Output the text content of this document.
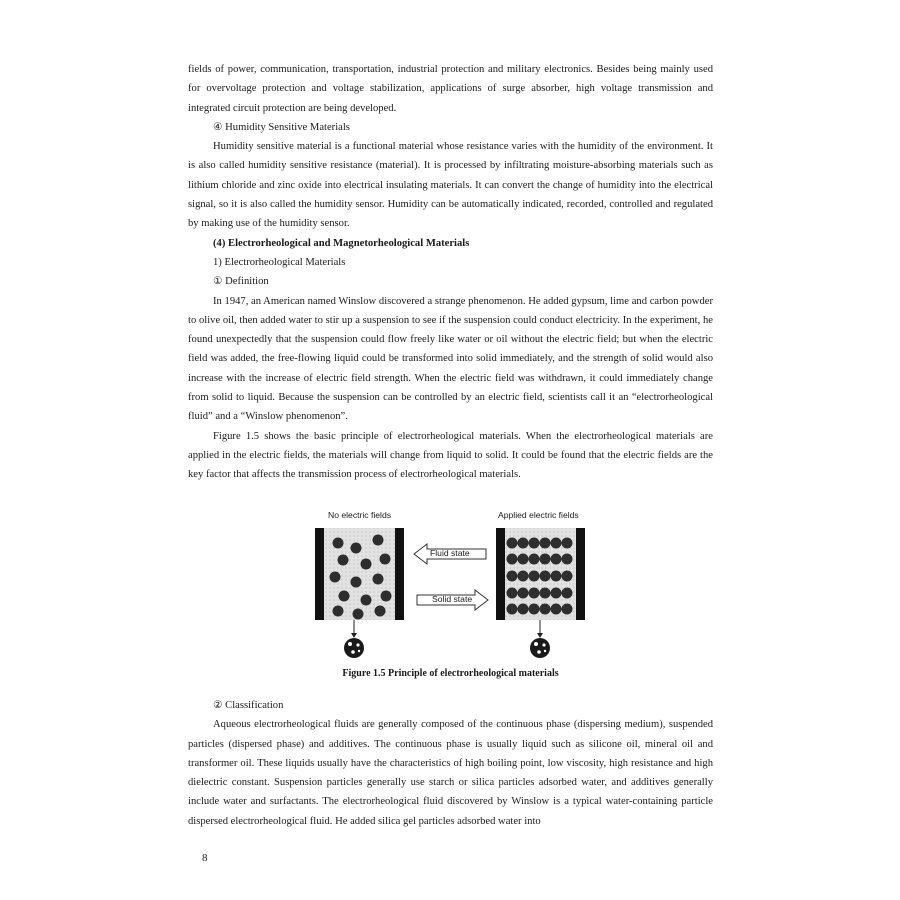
fields of power, communication, transportation, industrial protection and military electronics. Besides being mainly used for overvoltage protection and voltage stabilization, applications of surge absorber, high voltage transmission and integrated circuit protection are being developed.

④ Humidity Sensitive Materials

Humidity sensitive material is a functional material whose resistance varies with the humidity of the environment. It is also called humidity sensitive resistance (material). It is processed by infiltrating moisture-absorbing materials such as lithium chloride and zinc oxide into electrical insulating materials. It can convert the change of humidity into the electrical signal, so it is also called the humidity sensor. Humidity can be automatically indicated, recorded, controlled and regulated by making use of the humidity sensor.

(4) Electrorheological and Magnetorheological Materials

1) Electrorheological Materials

① Definition

In 1947, an American named Winslow discovered a strange phenomenon. He added gypsum, lime and carbon powder to olive oil, then added water to stir up a suspension to see if the suspension could conduct electricity. In the experiment, he found unexpectedly that the suspension could flow freely like water or oil without the electric field; but when the electric field was added, the free-flowing liquid could be transformed into solid immediately, and the strength of solid would also increase with the increase of electric field strength. When the electric field was withdrawn, it could immediately change from solid to liquid. Because the suspension can be controlled by an electric field, scientists call it an “electrorheological fluid” and a “Winslow phenomenon”.

Figure 1.5 shows the basic principle of electrorheological materials. When the electrorheological materials are applied in the electric fields, the materials will change from liquid to solid. It could be found that the electric fields are the key factor that affects the transmission process of electrorheological materials.

No electric fields	Applied electric fields
Fluid state
Solid state
Figure 1.5 Principle of electrorheological materials

② Classification

Aqueous electrorheological fluids are generally composed of the continuous phase (dispersing medium), suspended particles (dispersed phase) and additives. The continuous phase is usually liquid such as silicone oil, mineral oil and transformer oil. These liquids usually have the characteristics of high boiling point, low viscosity, high resistance and high dielectric constant. Suspension particles generally use starch or silica particles adsorbed water, and additives generally include water and surfactants. The electrorheological fluid discovered by Winslow is a typical water-containing particle dispersed electrorheological fluid. He added silica gel particles adsorbed water into

8
